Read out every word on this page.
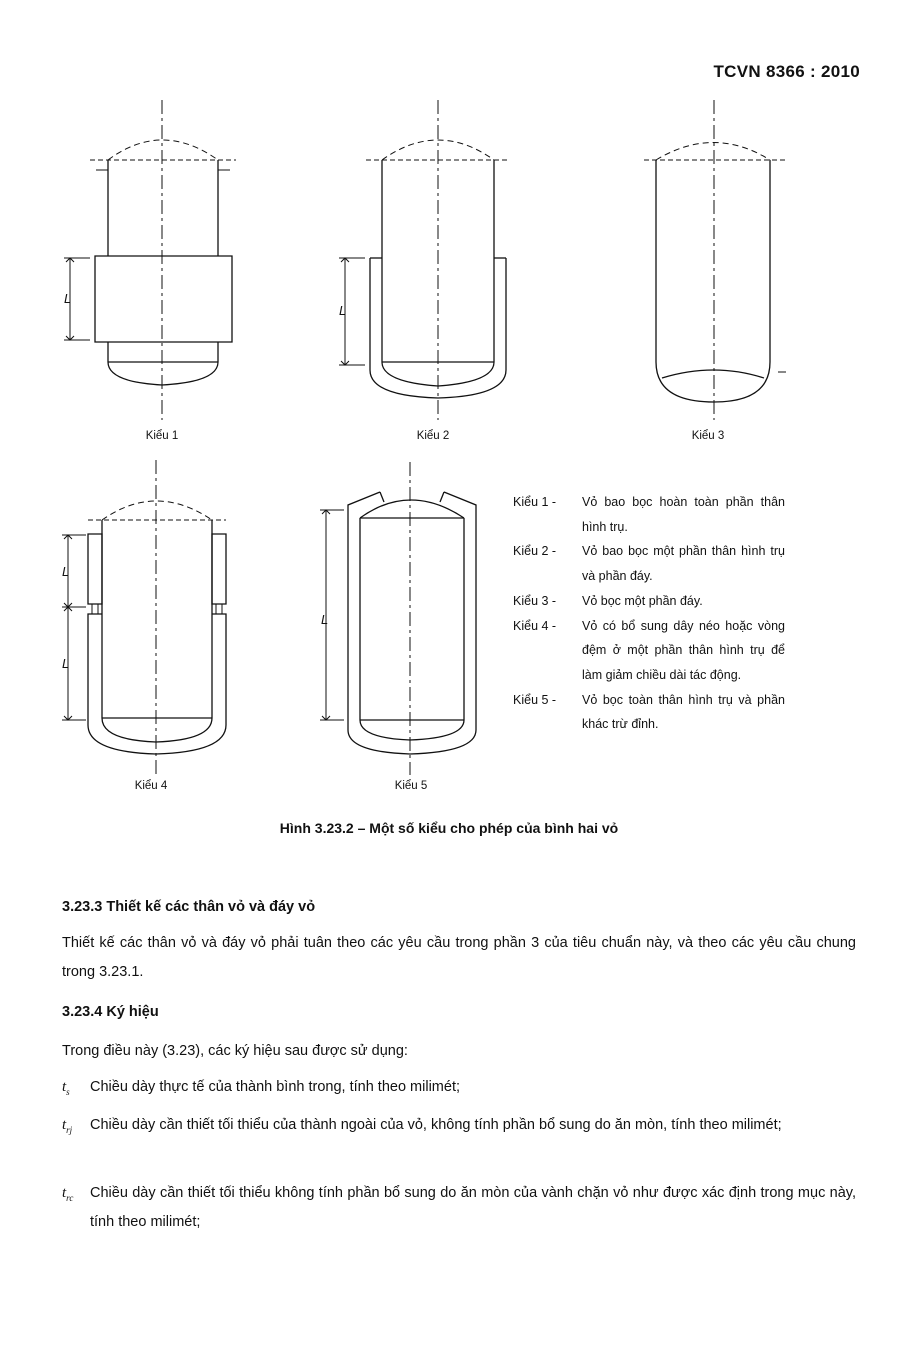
TCVN 8366 : 2010
L
L
L
L
L
Kiểu 1	Kiểu 2	Kiểu 3
Kiểu 4	Kiểu 5
Kiểu 1 -	Vỏ bao bọc hoàn toàn phần thân hình trụ.
Kiểu 2 -	Vỏ bao bọc một phần thân hình trụ và phần đáy.
Kiểu 3 -	Vỏ bọc một phần đáy.
Kiểu 4 -	Vỏ có bổ sung dây néo hoặc vòng đệm ở một phần thân hình trụ để làm giảm chiều dài tác động.
Kiểu 5 -	Vỏ bọc toàn thân hình trụ và phần khác trừ đỉnh.
Hình 3.23.2 – Một số kiểu cho phép của bình hai vỏ
3.23.3 Thiết kế các thân vỏ và đáy vỏ
Thiết kế các thân vỏ và đáy vỏ phải tuân theo các yêu cầu trong phần 3 của tiêu chuẩn này, và theo các yêu cầu chung trong 3.23.1.
3.23.4 Ký hiệu
Trong điều này (3.23), các ký hiệu sau được sử dụng:
$t_s$	Chiều dày thực tế của thành bình trong, tính theo milimét;
$t_{rj}$	Chiều dày cần thiết tối thiểu của thành ngoài của vỏ, không tính phần bổ sung do ăn mòn, tính theo milimét;
$t_{rc}$	Chiều dày cần thiết tối thiểu không tính phần bổ sung do ăn mòn của vành chặn vỏ như được xác định trong mục này, tính theo milimét;
